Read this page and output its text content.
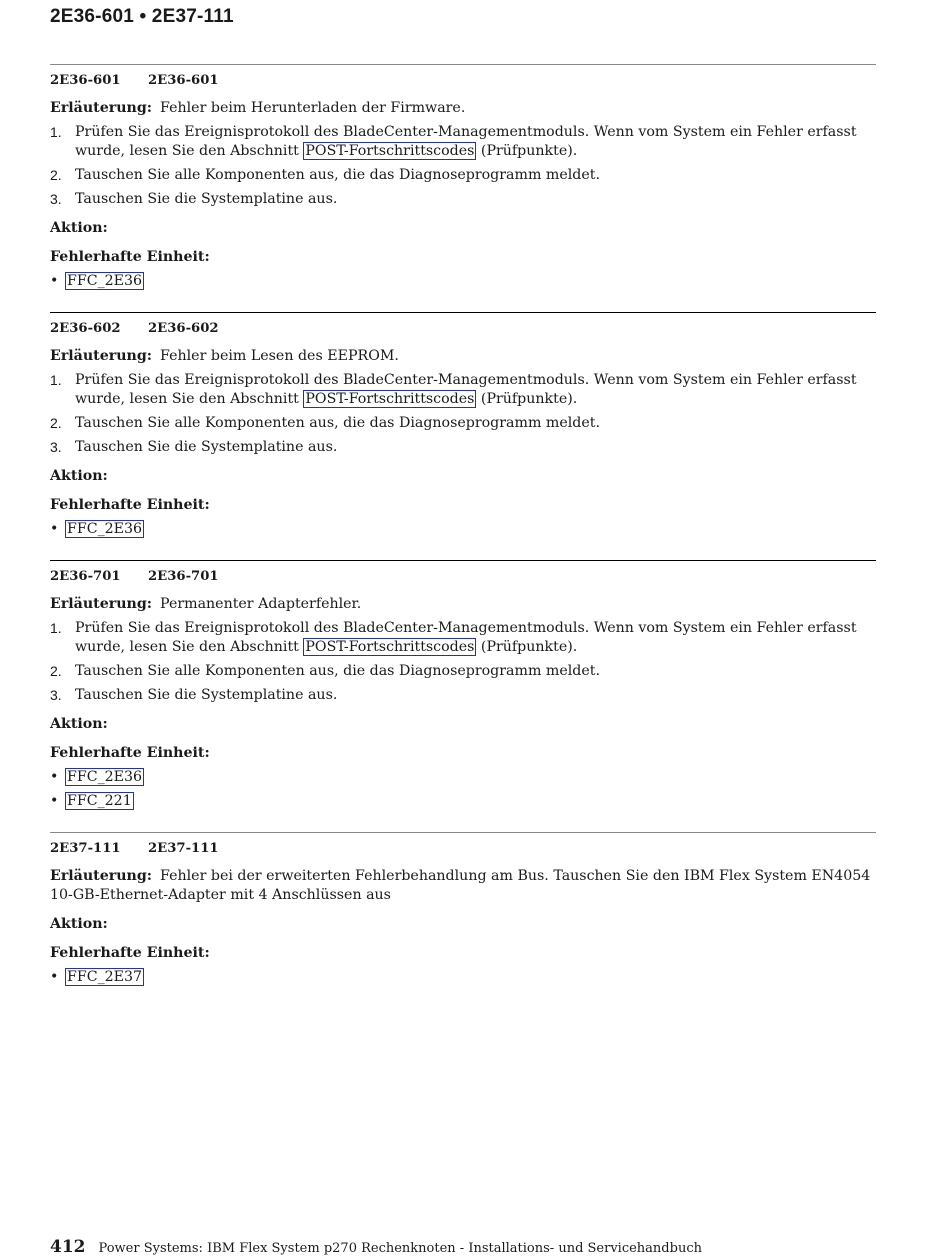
2E36-601 • 2E37-111
2E36-601 2E36-601
Erläuterung: Fehler beim Herunterladen der Firmware.
1. Prüfen Sie das Ereignisprotokoll des BladeCenter-Managementmoduls. Wenn vom System ein Fehler erfasst wurde, lesen Sie den Abschnitt POST-Fortschrittscodes (Prüfpunkte).
2. Tauschen Sie alle Komponenten aus, die das Diagnoseprogramm meldet.
3. Tauschen Sie die Systemplatine aus.
Aktion:
Fehlerhafte Einheit:
• FFC_2E36
2E36-602 2E36-602
Erläuterung: Fehler beim Lesen des EEPROM.
1. Prüfen Sie das Ereignisprotokoll des BladeCenter-Managementmoduls. Wenn vom System ein Fehler erfasst wurde, lesen Sie den Abschnitt POST-Fortschrittscodes (Prüfpunkte).
2. Tauschen Sie alle Komponenten aus, die das Diagnoseprogramm meldet.
3. Tauschen Sie die Systemplatine aus.
Aktion:
Fehlerhafte Einheit:
• FFC_2E36
2E36-701 2E36-701
Erläuterung: Permanenter Adapterfehler.
1. Prüfen Sie das Ereignisprotokoll des BladeCenter-Managementmoduls. Wenn vom System ein Fehler erfasst wurde, lesen Sie den Abschnitt POST-Fortschrittscodes (Prüfpunkte).
2. Tauschen Sie alle Komponenten aus, die das Diagnoseprogramm meldet.
3. Tauschen Sie die Systemplatine aus.
Aktion:
Fehlerhafte Einheit:
• FFC_2E36
• FFC_221
2E37-111 2E37-111
Erläuterung: Fehler bei der erweiterten Fehlerbehandlung am Bus. Tauschen Sie den IBM Flex System EN4054 10-GB-Ethernet-Adapter mit 4 Anschlüssen aus
Aktion:
Fehlerhafte Einheit:
• FFC_2E37
412 Power Systems: IBM Flex System p270 Rechenknoten - Installations- und Servicehandbuch
